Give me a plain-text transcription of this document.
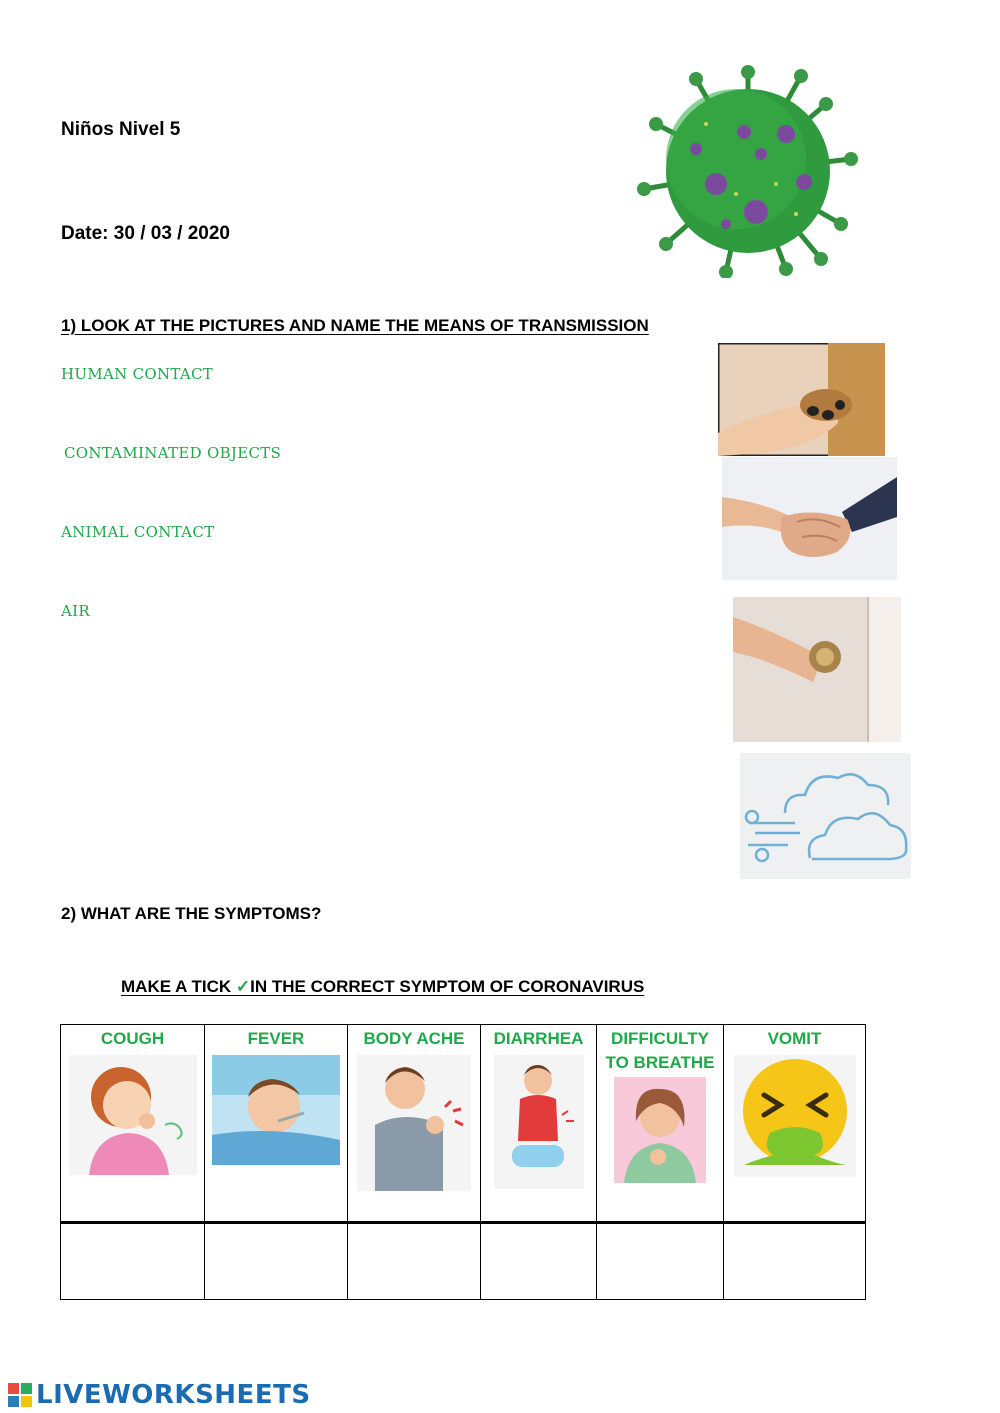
Niños Nivel 5
Date: 30 / 03 / 2020
1) LOOK AT THE PICTURES AND NAME THE MEANS OF TRANSMISSION
HUMAN CONTACT
CONTAMINATED OBJECTS
ANIMAL CONTACT
AIR
2) WHAT ARE THE SYMPTOMS?
MAKE A TICK ✓IN THE CORRECT SYMPTOM OF CORONAVIRUS
COUGH	FEVER	BODY ACHE	DIARRHEA	DIFFICULTY TO BREATHE	VOMIT

LIVEWORKSHEETS
